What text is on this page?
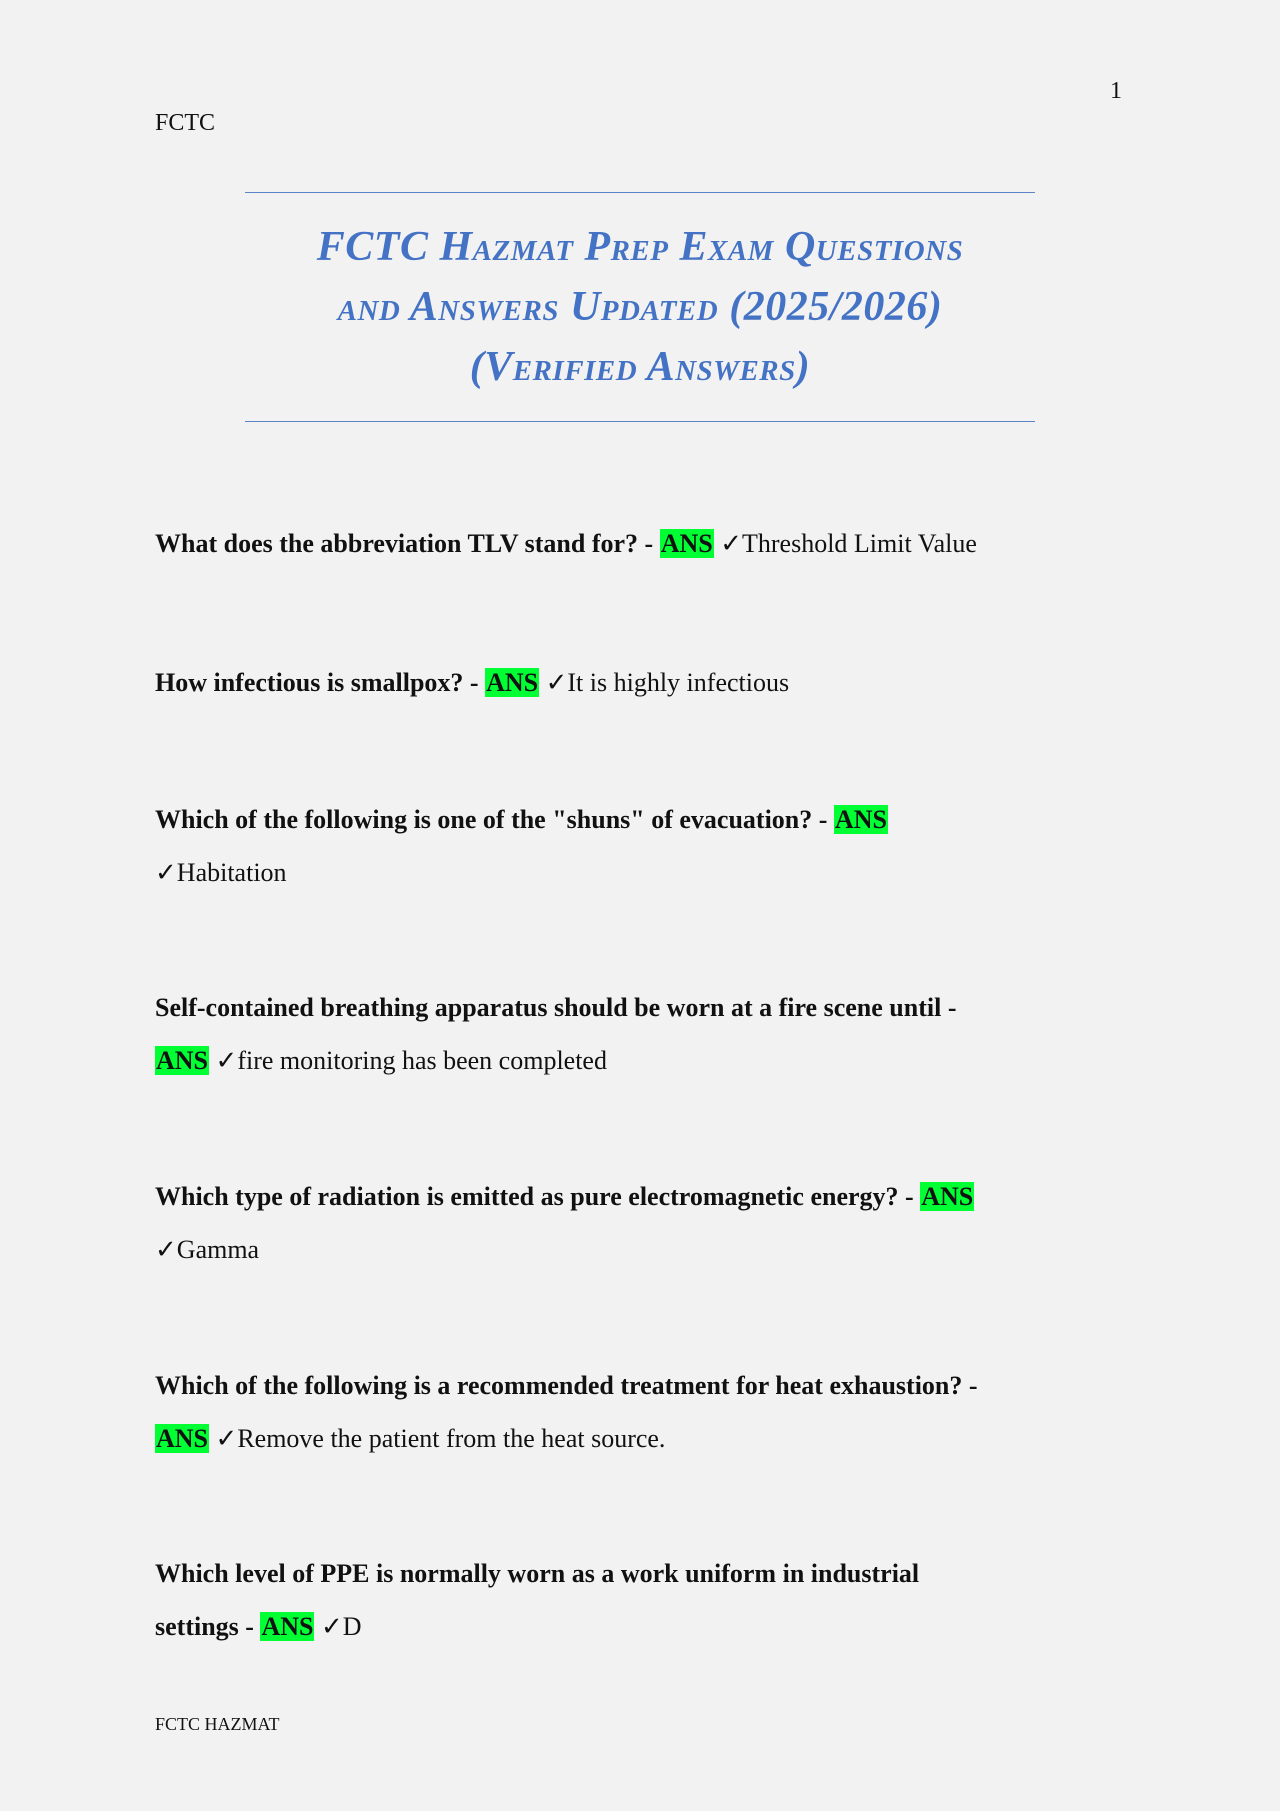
1
FCTC
FCTC Hazmat Prep Exam Questions
and Answers Updated (2025/2026)
(Verified Answers)
What does the abbreviation TLV stand for? - ANS ✓Threshold Limit Value
How infectious is smallpox? - ANS ✓It is highly infectious
Which of the following is one of the "shuns" of evacuation? - ANS
✓Habitation
Self-contained breathing apparatus should be worn at a fire scene until -
ANS ✓fire monitoring has been completed
Which type of radiation is emitted as pure electromagnetic energy? - ANS
✓Gamma
Which of the following is a recommended treatment for heat exhaustion? -
ANS ✓Remove the patient from the heat source.
Which level of PPE is normally worn as a work uniform in industrial
settings - ANS ✓D
FCTC HAZMAT
